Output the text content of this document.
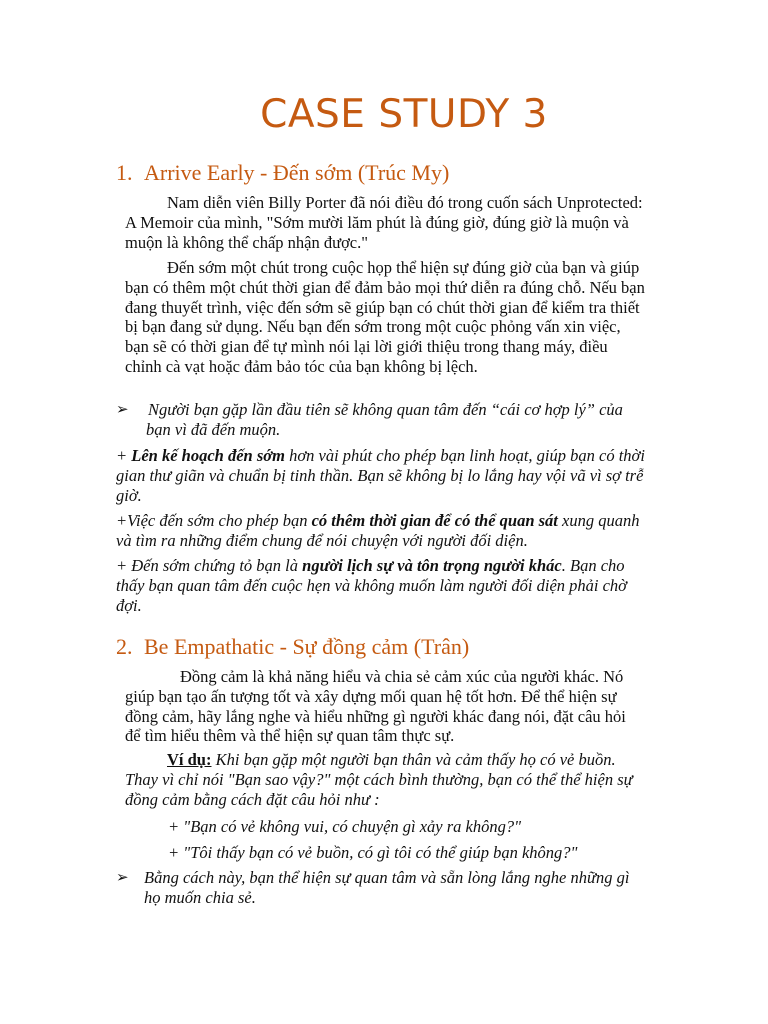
CASE STUDY 3
1. Arrive Early - Đến sớm (Trúc My)

Nam diễn viên Billy Porter đã nói điều đó trong cuốn sách Unprotected: A Memoir của mình, "Sớm mười lăm phút là đúng giờ, đúng giờ là muộn và muộn là không thể chấp nhận được."

Đến sớm một chút trong cuộc họp thể hiện sự đúng giờ của bạn và giúp bạn có thêm một chút thời gian để đảm bảo mọi thứ diễn ra đúng chỗ. Nếu bạn đang thuyết trình, việc đến sớm sẽ giúp bạn có chút thời gian để kiểm tra thiết bị bạn đang sử dụng. Nếu bạn đến sớm trong một cuộc phỏng vấn xin việc, bạn sẽ có thời gian để tự mình nói lại lời giới thiệu trong thang máy, điều chỉnh cà vạt hoặc đảm bảo tóc của bạn không bị lệch.

➢ Người bạn gặp lần đầu tiên sẽ không quan tâm đến “cái cơ hợp lý” của bạn vì đã đến muộn.

+ Lên kế hoạch đến sớm hơn vài phút cho phép bạn linh hoạt, giúp bạn có thời gian thư giãn và chuẩn bị tinh thần. Bạn sẽ không bị lo lắng hay vội vã vì sợ trễ giờ.

+Việc đến sớm cho phép bạn có thêm thời gian để có thể quan sát xung quanh và tìm ra những điểm chung để nói chuyện với người đối diện.

+ Đến sớm chứng tỏ bạn là người lịch sự và tôn trọng người khác. Bạn cho thấy bạn quan tâm đến cuộc hẹn và không muốn làm người đối diện phải chờ đợi.

2. Be Empathatic - Sự đồng cảm (Trân)

Đồng cảm là khả năng hiểu và chia sẻ cảm xúc của người khác. Nó giúp bạn tạo ấn tượng tốt và xây dựng mối quan hệ tốt hơn. Để thể hiện sự đồng cảm, hãy lắng nghe và hiểu những gì người khác đang nói, đặt câu hỏi để tìm hiểu thêm và thể hiện sự quan tâm thực sự.

Ví dụ: Khi bạn gặp một người bạn thân và cảm thấy họ có vẻ buồn. Thay vì chỉ nói "Bạn sao vậy?" một cách bình thường, bạn có thể thể hiện sự đồng cảm bằng cách đặt câu hỏi như :

+ "Bạn có vẻ không vui, có chuyện gì xảy ra không?"

+ "Tôi thấy bạn có vẻ buồn, có gì tôi có thể giúp bạn không?"

➢ Bằng cách này, bạn thể hiện sự quan tâm và sẵn lòng lắng nghe những gì họ muốn chia sẻ.
